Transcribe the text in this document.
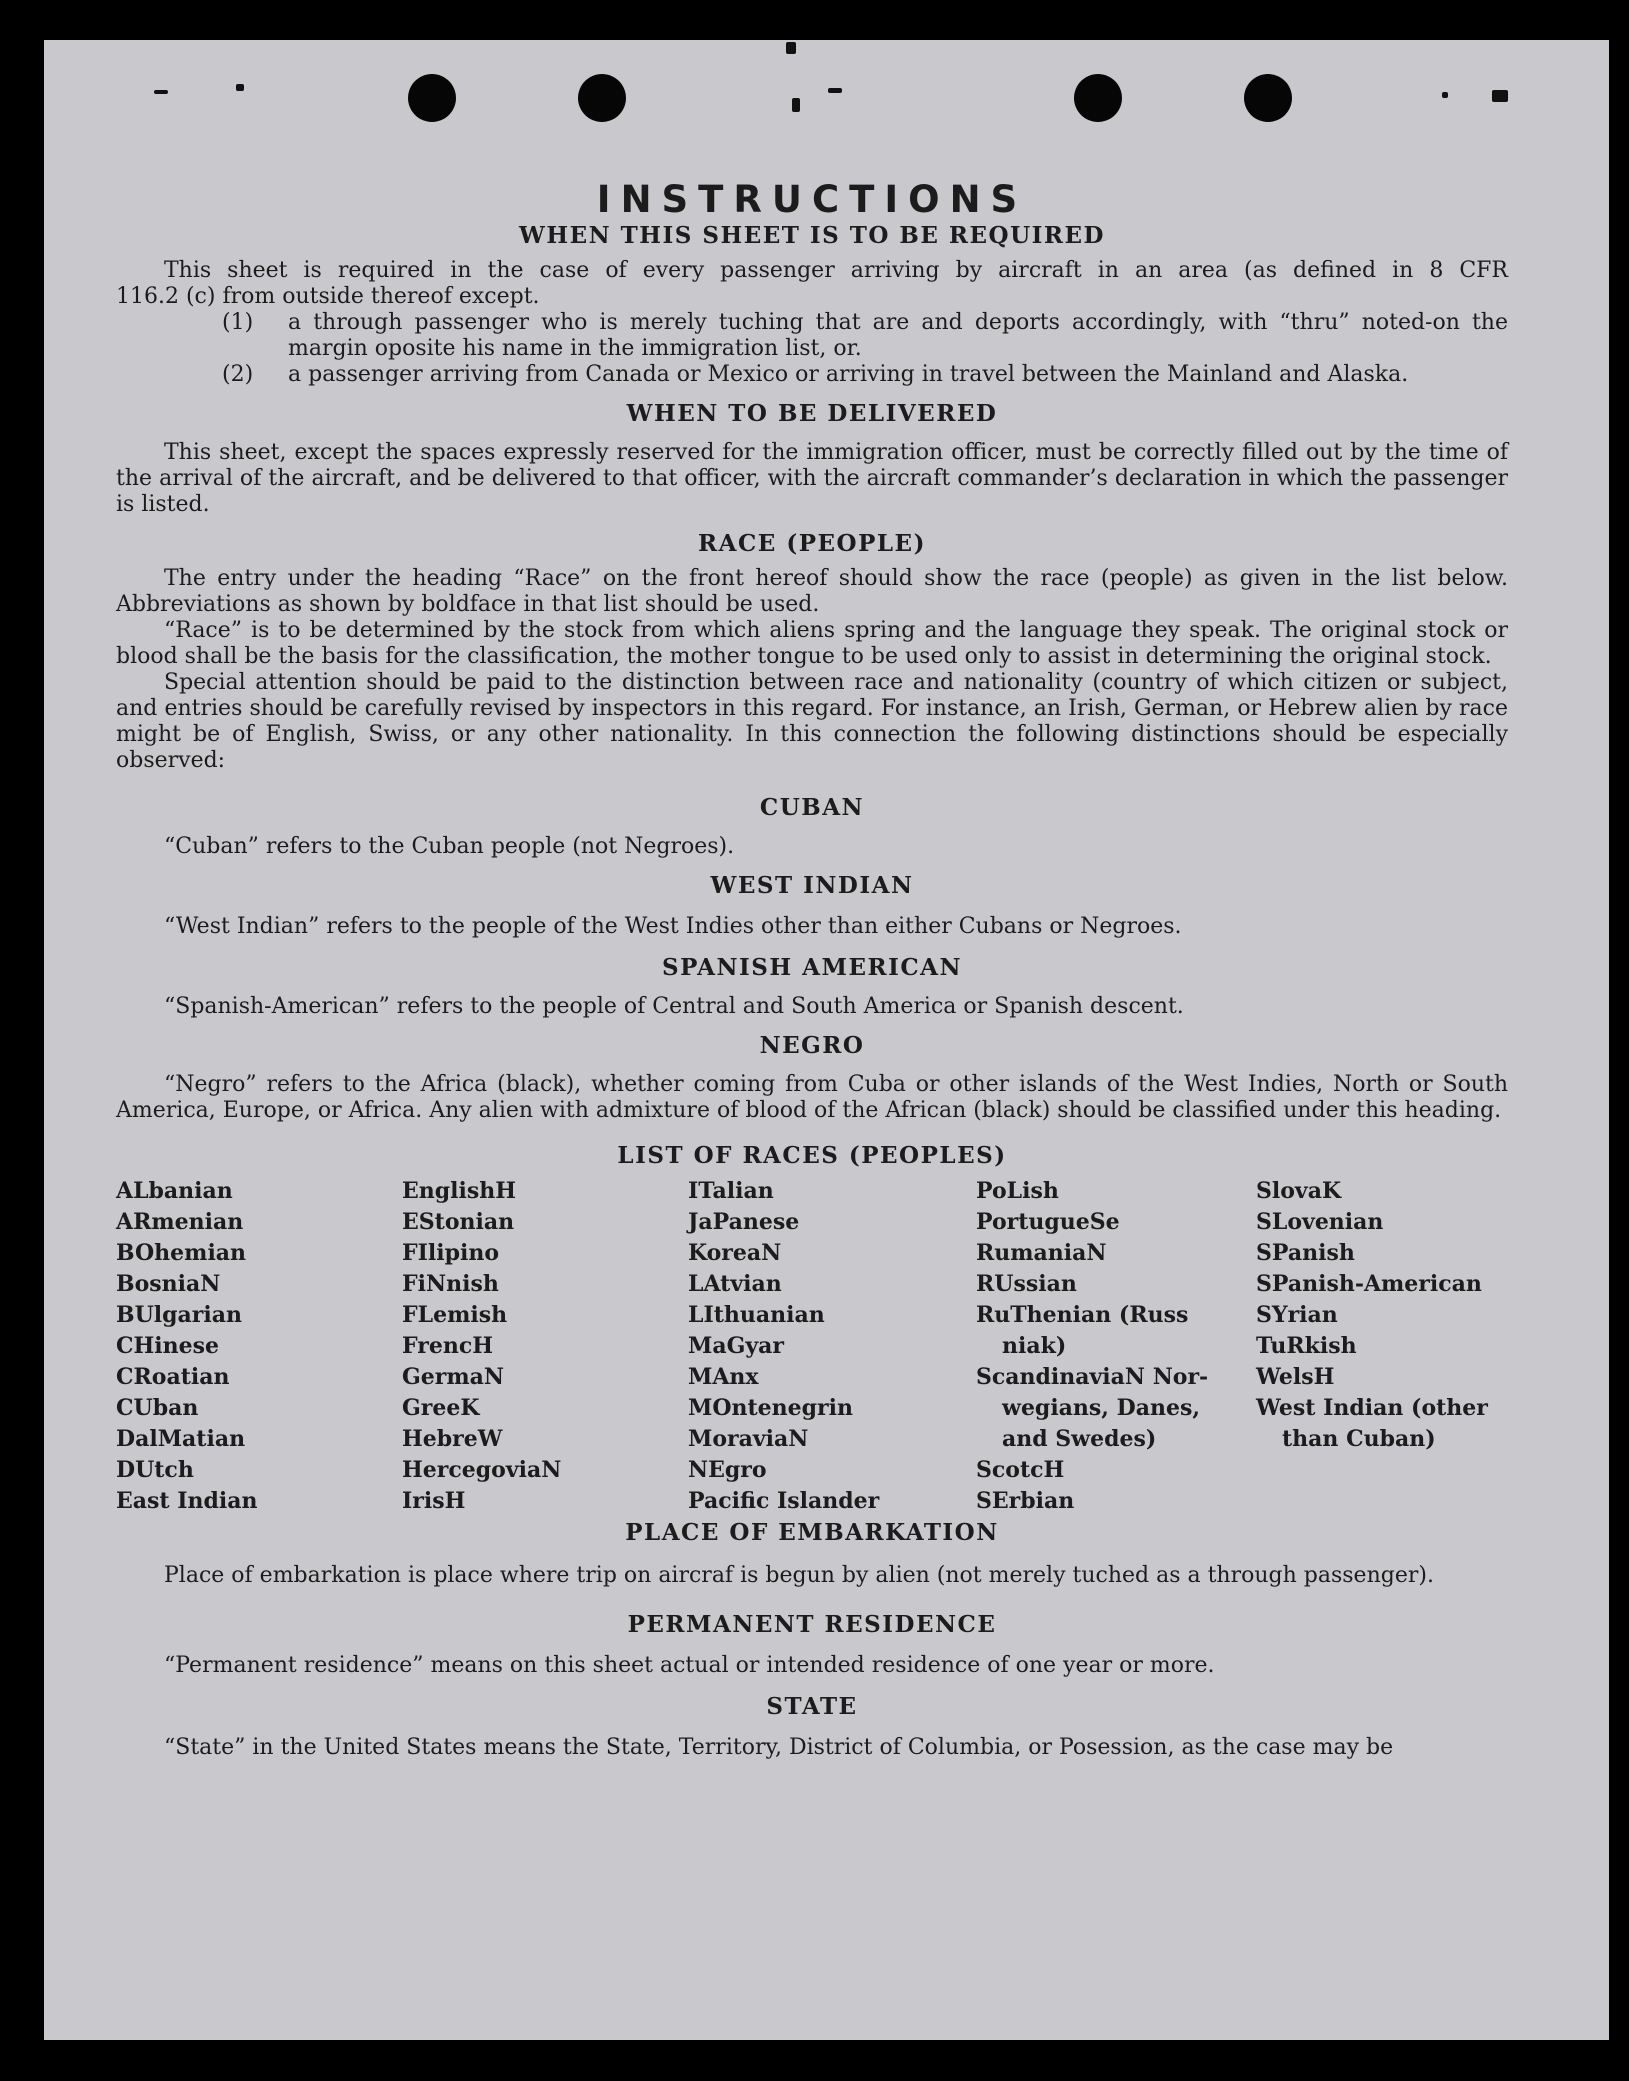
INSTRUCTIONS
WHEN THIS SHEET IS TO BE REQUIRED

This sheet is required in the case of every passenger arriving by aircraft in an area (as defined in 8 CFR

116.2 (c) from outside thereof except.

(1)	a through passenger who is merely tuching that are and deports accordingly, with “thru” noted-on the margin oposite his name in the immigration list, or.
(2)	a passenger arriving from Canada or Mexico or arriving in travel between the Mainland and Alaska.
WHEN TO BE DELIVERED

This sheet, except the spaces expressly reserved for the immigration officer, must be correctly filled out by the time of the arrival of the aircraft, and be delivered to that officer, with the aircraft commander’s declaration in which the passenger is listed.

RACE (PEOPLE)

The entry under the heading “Race” on the front hereof should show the race (people) as given in the list below. Abbreviations as shown by boldface in that list should be used.

“Race” is to be determined by the stock from which aliens spring and the language they speak. The original stock or blood shall be the basis for the classification, the mother tongue to be used only to assist in determining the original stock.

Special attention should be paid to the distinction between race and nationality (country of which citizen or subject, and entries should be carefully revised by inspectors in this regard. For instance, an Irish, German, or Hebrew alien by race might be of English, Swiss, or any other nationality. In this connection the following distinctions should be especially observed:

CUBAN

“Cuban” refers to the Cuban people (not Negroes).

WEST INDIAN

“West Indian” refers to the people of the West Indies other than either Cubans or Negroes.

SPANISH AMERICAN

“Spanish-American” refers to the people of Central and South America or Spanish descent.

NEGRO

“Negro” refers to the Africa (black), whether coming from Cuba or other islands of the West Indies, North or South America, Europe, or Africa. Any alien with admixture of blood of the African (black) should be classified under this heading.

LIST OF RACES (PEOPLES)
ALbanian
ARmenian
BOhemian
BosniaN
BUlgarian
CHinese
CRoatian
CUban
DalMatian
DUtch
East Indian
EnglishH
EStonian
FIlipino
FiNnish
FLemish
FrencH
GermaN
GreeK
HebreW
HercegoviaN
IrisH
ITalian
JaPanese
KoreaN
LAtvian
LIthuanian
MaGyar
MAnx
MOntenegrin
MoraviaN
NEgro
Pacific Islander
PoLish
PortugueSe
RumaniaN
RUssian
RuThenian (Russ
niak)
ScandinaviaN Nor-
wegians, Danes,
and Swedes)
ScotcH
SErbian
SlovaK
SLovenian
SPanish
SPanish-American
SYrian
TuRkish
WelsH
West Indian (other
than Cuban)
PLACE OF EMBARKATION

Place of embarkation is place where trip on aircraf is begun by alien (not merely tuched as a through passenger).

PERMANENT RESIDENCE

“Permanent residence” means on this sheet actual or intended residence of one year or more.

STATE

“State” in the United States means the State, Territory, District of Columbia, or Posession, as the case may be
